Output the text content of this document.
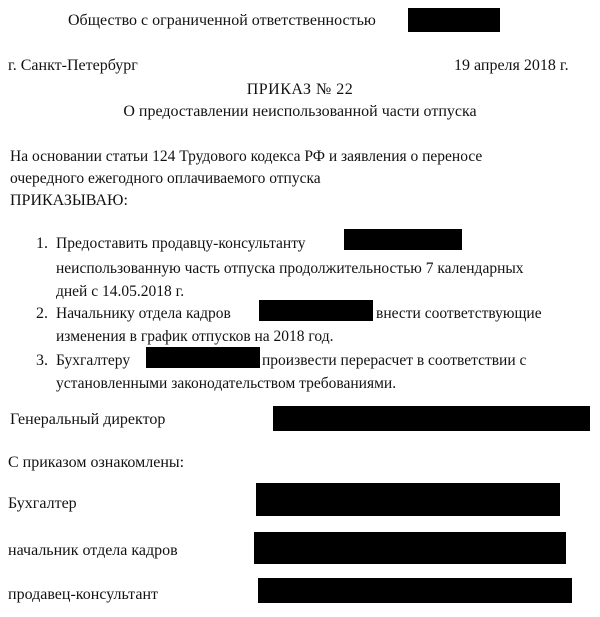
Общество с ограниченной ответственностью
г. Санкт-Петербург	19 апреля 2018 г.
ПРИКАЗ № 22
О предоставлении неиспользованной части отпуска
На основании статьи 124 Трудового кодекса РФ и заявления о переносе
очередного ежегодного оплачиваемого отпуска
ПРИКАЗЫВАЮ:
1. Предоставить продавцу-консультанту
неиспользованную часть отпуска продолжительностью 7 календарных
дней с 14.05.2018 г.
2. Начальнику отдела кадров	внести соответствующие
изменения в график отпусков на 2018 год.
3. Бухгалтеру	произвести перерасчет в соответствии с
установленными законодательством требованиями.
Генеральный директор
С приказом ознакомлены:
Бухгалтер
начальник отдела кадров
продавец-консультант
